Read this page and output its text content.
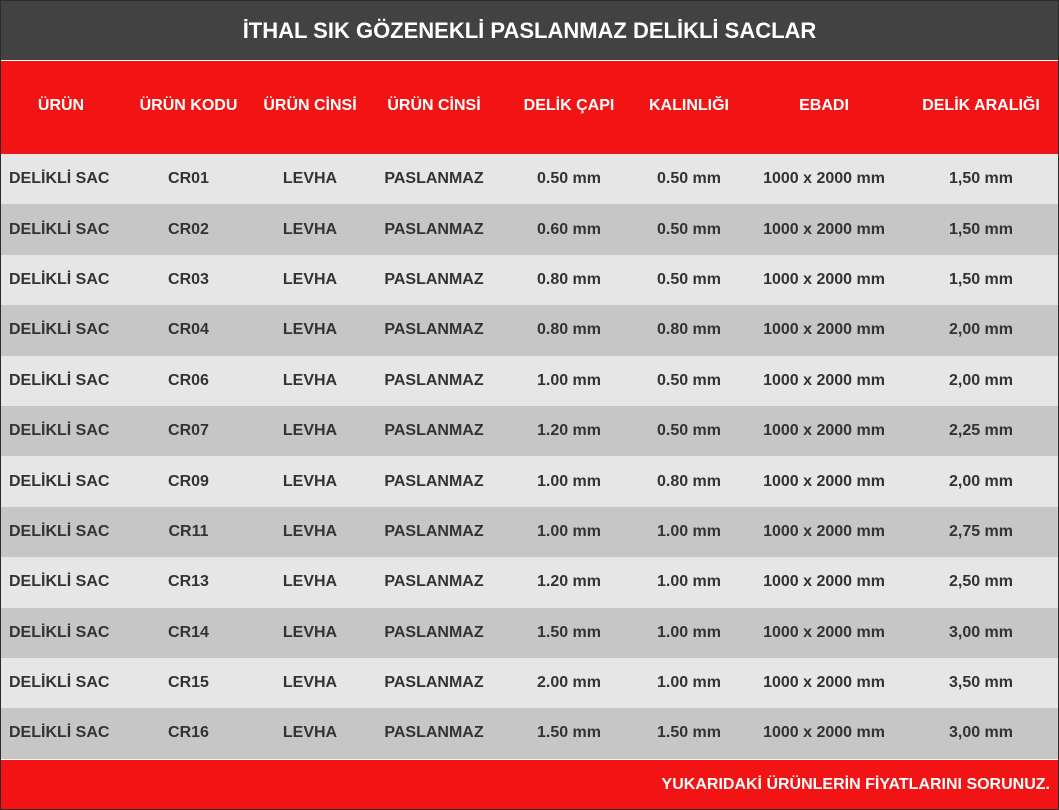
İTHAL SIK GÖZENEKLİ PASLANMAZ DELİKLİ SACLAR
ÜRÜN	ÜRÜN KODU	ÜRÜN CİNSİ	ÜRÜN CİNSİ	DELİK ÇAPI	KALINLIĞI	EBADI	DELİK ARALIĞI
DELİKLİ SAC	CR01	LEVHA	PASLANMAZ	0.50 mm	0.50 mm	1000 x 2000 mm	1,50 mm
DELİKLİ SAC	CR02	LEVHA	PASLANMAZ	0.60 mm	0.50 mm	1000 x 2000 mm	1,50 mm
DELİKLİ SAC	CR03	LEVHA	PASLANMAZ	0.80 mm	0.50 mm	1000 x 2000 mm	1,50 mm
DELİKLİ SAC	CR04	LEVHA	PASLANMAZ	0.80 mm	0.80 mm	1000 x 2000 mm	2,00 mm
DELİKLİ SAC	CR06	LEVHA	PASLANMAZ	1.00 mm	0.50 mm	1000 x 2000 mm	2,00 mm
DELİKLİ SAC	CR07	LEVHA	PASLANMAZ	1.20 mm	0.50 mm	1000 x 2000 mm	2,25 mm
DELİKLİ SAC	CR09	LEVHA	PASLANMAZ	1.00 mm	0.80 mm	1000 x 2000 mm	2,00 mm
DELİKLİ SAC	CR11	LEVHA	PASLANMAZ	1.00 mm	1.00 mm	1000 x 2000 mm	2,75 mm
DELİKLİ SAC	CR13	LEVHA	PASLANMAZ	1.20 mm	1.00 mm	1000 x 2000 mm	2,50 mm
DELİKLİ SAC	CR14	LEVHA	PASLANMAZ	1.50 mm	1.00 mm	1000 x 2000 mm	3,00 mm
DELİKLİ SAC	CR15	LEVHA	PASLANMAZ	2.00 mm	1.00 mm	1000 x 2000 mm	3,50 mm
DELİKLİ SAC	CR16	LEVHA	PASLANMAZ	1.50 mm	1.50 mm	1000 x 2000 mm	3,00 mm
YUKARIDAKİ ÜRÜNLERİN FİYATLARINI SORUNUZ.
